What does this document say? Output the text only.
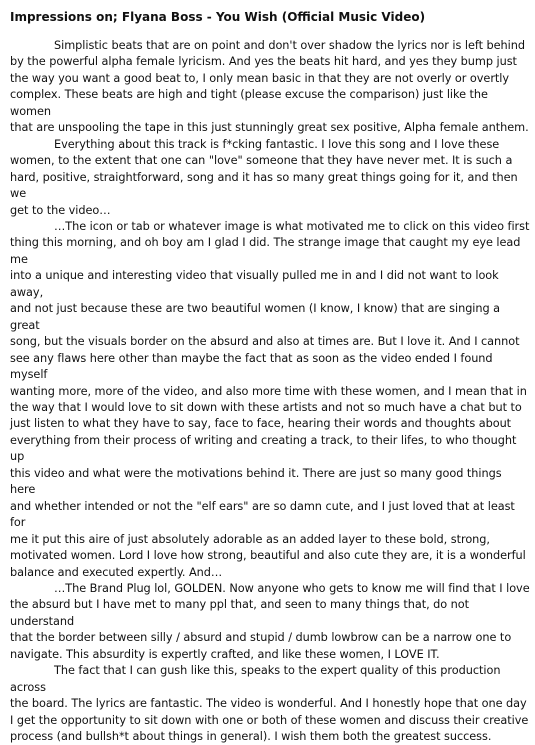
Impressions on; Flyana Boss - You Wish (Official Music Video)

Simplistic beats that are on point and don't over shadow the lyrics nor is left behind
by the powerful alpha female lyricism. And yes the beats hit hard, and yes they bump just
the way you want a good beat to, I only mean basic in that they are not overly or overtly
complex. These beats are high and tight (please excuse the comparison) just like the women
that are unspooling the tape in this just stunningly great sex positive, Alpha female anthem.

Everything about this track is f*cking fantastic. I love this song and I love these
women, to the extent that one can "love" someone that they have never met. It is such a
hard, positive, straightforward, song and it has so many great things going for it, and then we
get to the video…

…The icon or tab or whatever image is what motivated me to click on this video first
thing this morning, and oh boy am I glad I did. The strange image that caught my eye lead me
into a unique and interesting video that visually pulled me in and I did not want to look away,
and not just because these are two beautiful women (I know, I know) that are singing a great
song, but the visuals border on the absurd and also at times are. But I love it. And I cannot
see any flaws here other than maybe the fact that as soon as the video ended I found myself
wanting more, more of the video, and also more time with these women, and I mean that in
the way that I would love to sit down with these artists and not so much have a chat but to
just listen to what they have to say, face to face, hearing their words and thoughts about
everything from their process of writing and creating a track, to their lifes, to who thought up
this video and what were the motivations behind it. There are just so many good things here
and whether intended or not the "elf ears" are so damn cute, and I just loved that at least for
me it put this aire of just absolutely adorable as an added layer to these bold, strong,
motivated women. Lord I love how strong, beautiful and also cute they are, it is a wonderful
balance and executed expertly. And…

…The Brand Plug lol, GOLDEN. Now anyone who gets to know me will find that I love
the absurd but I have met to many ppl that, and seen to many things that, do not understand
that the border between silly / absurd and stupid / dumb lowbrow can be a narrow one to
navigate. This absurdity is expertly crafted, and like these women, I LOVE IT.

The fact that I can gush like this, speaks to the expert quality of this production across
the board. The lyrics are fantastic. The video is wonderful. And I honestly hope that one day
I get the opportunity to sit down with one or both of these women and discuss their creative
process (and bullsh*t about things in general). I wish them both the greatest success.
